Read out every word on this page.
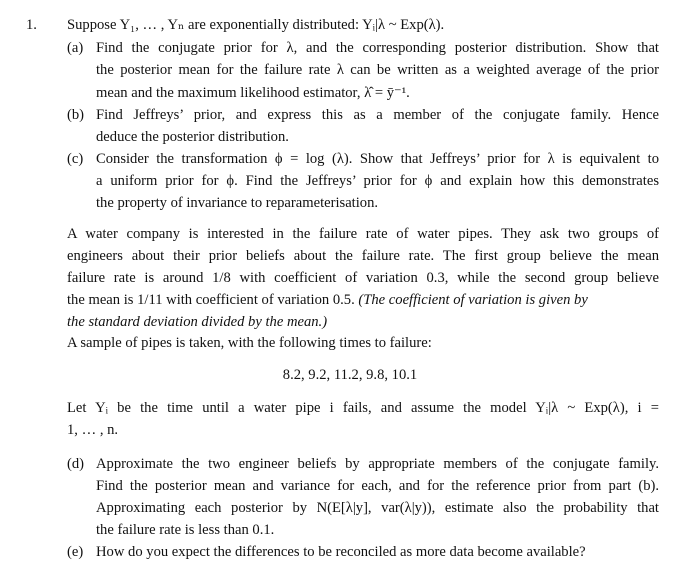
1. Suppose Y₁, … , Yₙ are exponentially distributed: Yᵢ|λ ~ Exp(λ).
(a) Find the conjugate prior for λ, and the corresponding posterior distribution. Show that
the posterior mean for the failure rate λ can be written as a weighted average of the prior
mean and the maximum likelihood estimator, λ̂ = ȳ⁻¹.
(b) Find Jeffreys’ prior, and express this as a member of the conjugate family. Hence
deduce the posterior distribution.
(c) Consider the transformation ϕ = log (λ). Show that Jeffreys’ prior for λ is equivalent to
a uniform prior for ϕ. Find the Jeffreys’ prior for ϕ and explain how this demonstrates
the property of invariance to reparameterisation.
A water company is interested in the failure rate of water pipes. They ask two groups of
engineers about their prior beliefs about the failure rate. The first group believe the mean
failure rate is around 1/8 with coefficient of variation 0.3, while the second group believe
the mean is 1/11 with coefficient of variation 0.5. (The coefficient of variation is given by
the standard deviation divided by the mean.)
A sample of pipes is taken, with the following times to failure:
8.2, 9.2, 11.2, 9.8, 10.1
Let Yᵢ be the time until a water pipe i fails, and assume the model Yᵢ|λ ~ Exp(λ), i =
1, … , n.
(d) Approximate the two engineer beliefs by appropriate members of the conjugate family.
Find the posterior mean and variance for each, and for the reference prior from part (b).
Approximating each posterior by N(E[λ|y], var(λ|y)), estimate also the probability that
the failure rate is less than 0.1.
(e) How do you expect the differences to be reconciled as more data become available?
